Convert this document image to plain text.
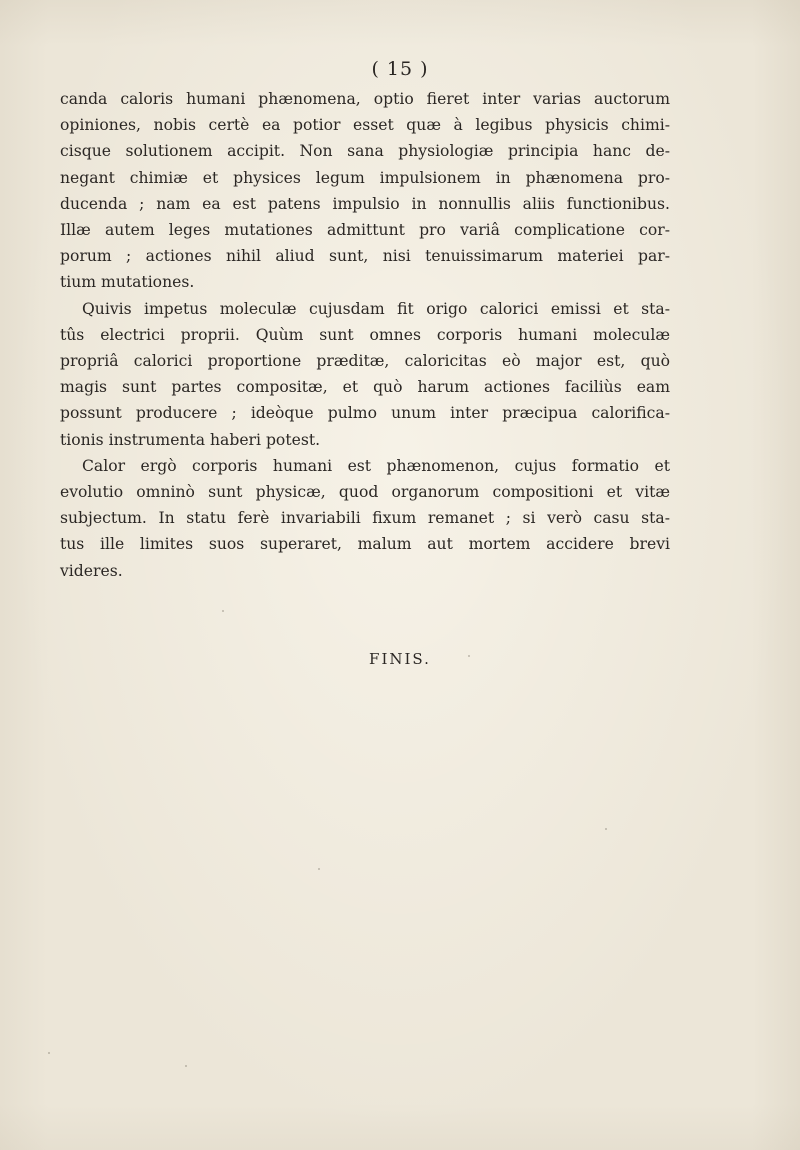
( 15 )

canda caloris humani phænomena, optio fieret inter varias auctorum
opiniones, nobis certè ea potior esset quæ à legibus physicis chimi-
cisque solutionem accipit. Non sana physiologiæ principia hanc de-
negant chimiæ et physices legum impulsionem in phænomena pro-
ducenda ; nam ea est patens impulsio in nonnullis aliis functionibus.
Illæ autem leges mutationes admittunt pro variâ complicatione cor-
porum ; actiones nihil aliud sunt, nisi tenuissimarum materiei par-
tium mutationes.

Quivis impetus moleculæ cujusdam fit origo calorici emissi et sta-
tûs electrici proprii. Quùm sunt omnes corporis humani moleculæ
propriâ calorici proportione præditæ, caloricitas eò major est, quò
magis sunt partes compositæ, et quò harum actiones faciliùs eam
possunt producere ; ideòque pulmo unum inter præcipua calorifica-
tionis instrumenta haberi potest.

Calor ergò corporis humani est phænomenon, cujus formatio et
evolutio omninò sunt physicæ, quod organorum compositioni et vitæ
subjectum. In statu ferè invariabili fixum remanet ; si verò casu sta-
tus ille limites suos superaret, malum aut mortem accidere brevi
videres.

FINIS.
